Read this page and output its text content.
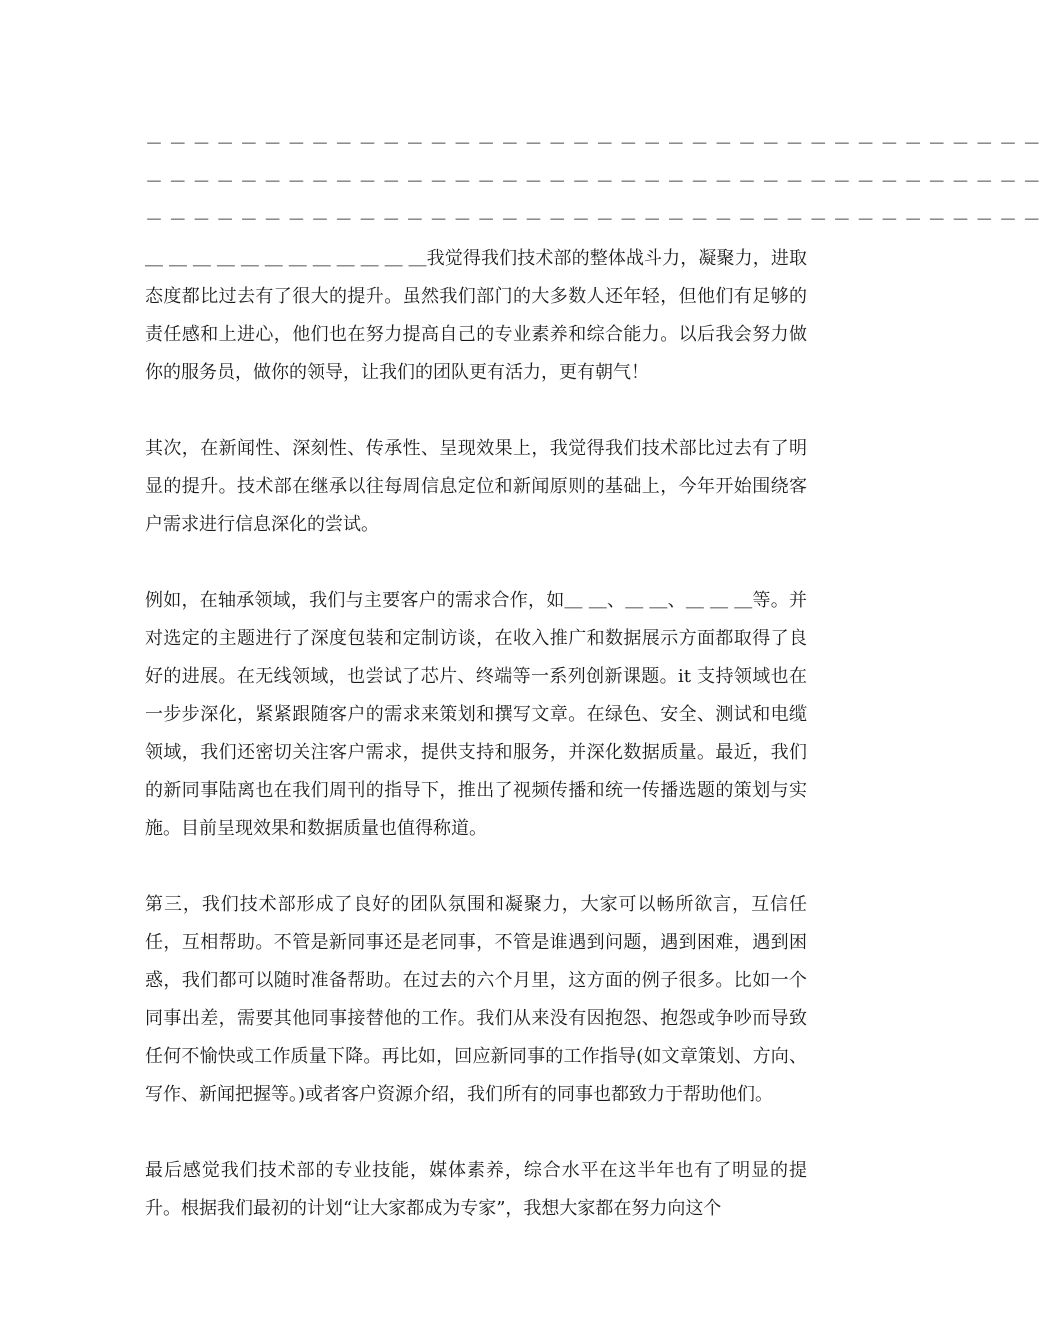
－ － － － － － － － － － － － － － － － － － － － － － － － － － － － － － － － － － － － － －
－ － － － － － － － － － － － － － － － － － － － － － － － － － － － － － － － － － － － － －
－ － － － － － － － － － － － － － － － － － － － － － － － － － － － － － － － － － － － － －

＿ ＿ ＿ ＿ ＿ ＿ ＿ ＿ ＿ ＿ ＿ ＿我觉得我们技术部的整体战斗力，凝聚力，进取态度都比过去有了很大的提升。虽然我们部门的大多数人还年轻，但他们有足够的责任感和上进心，他们也在努力提高自己的专业素养和综合能力。以后我会努力做你的服务员，做你的领导，让我们的团队更有活力，更有朝气！

其次，在新闻性、深刻性、传承性、呈现效果上，我觉得我们技术部比过去有了明显的提升。技术部在继承以往每周信息定位和新闻原则的基础上，今年开始围绕客户需求进行信息深化的尝试。

例如，在轴承领域，我们与主要客户的需求合作，如＿ ＿、＿ ＿、＿ ＿ ＿等。并对选定的主题进行了深度包装和定制访谈，在收入推广和数据展示方面都取得了良好的进展。在无线领域，也尝试了芯片、终端等一系列创新课题。it 支持领域也在一步步深化，紧紧跟随客户的需求来策划和撰写文章。在绿色、安全、测试和电缆领域，我们还密切关注客户需求，提供支持和服务，并深化数据质量。最近，我们的新同事陆离也在我们周刊的指导下，推出了视频传播和统一传播选题的策划与实施。目前呈现效果和数据质量也值得称道。

第三，我们技术部形成了良好的团队氛围和凝聚力，大家可以畅所欲言，互信任任，互相帮助。不管是新同事还是老同事，不管是谁遇到问题，遇到困难，遇到困惑，我们都可以随时准备帮助。在过去的六个月里，这方面的例子很多。比如一个同事出差，需要其他同事接替他的工作。我们从来没有因抱怨、抱怨或争吵而导致任何不愉快或工作质量下降。再比如，回应新同事的工作指导(如文章策划、方向、写作、新闻把握等。)或者客户资源介绍，我们所有的同事也都致力于帮助他们。

最后感觉我们技术部的专业技能，媒体素养，综合水平在这半年也有了明显的提升。根据我们最初的计划“让大家都成为专家”，我想大家都在努力向这个
